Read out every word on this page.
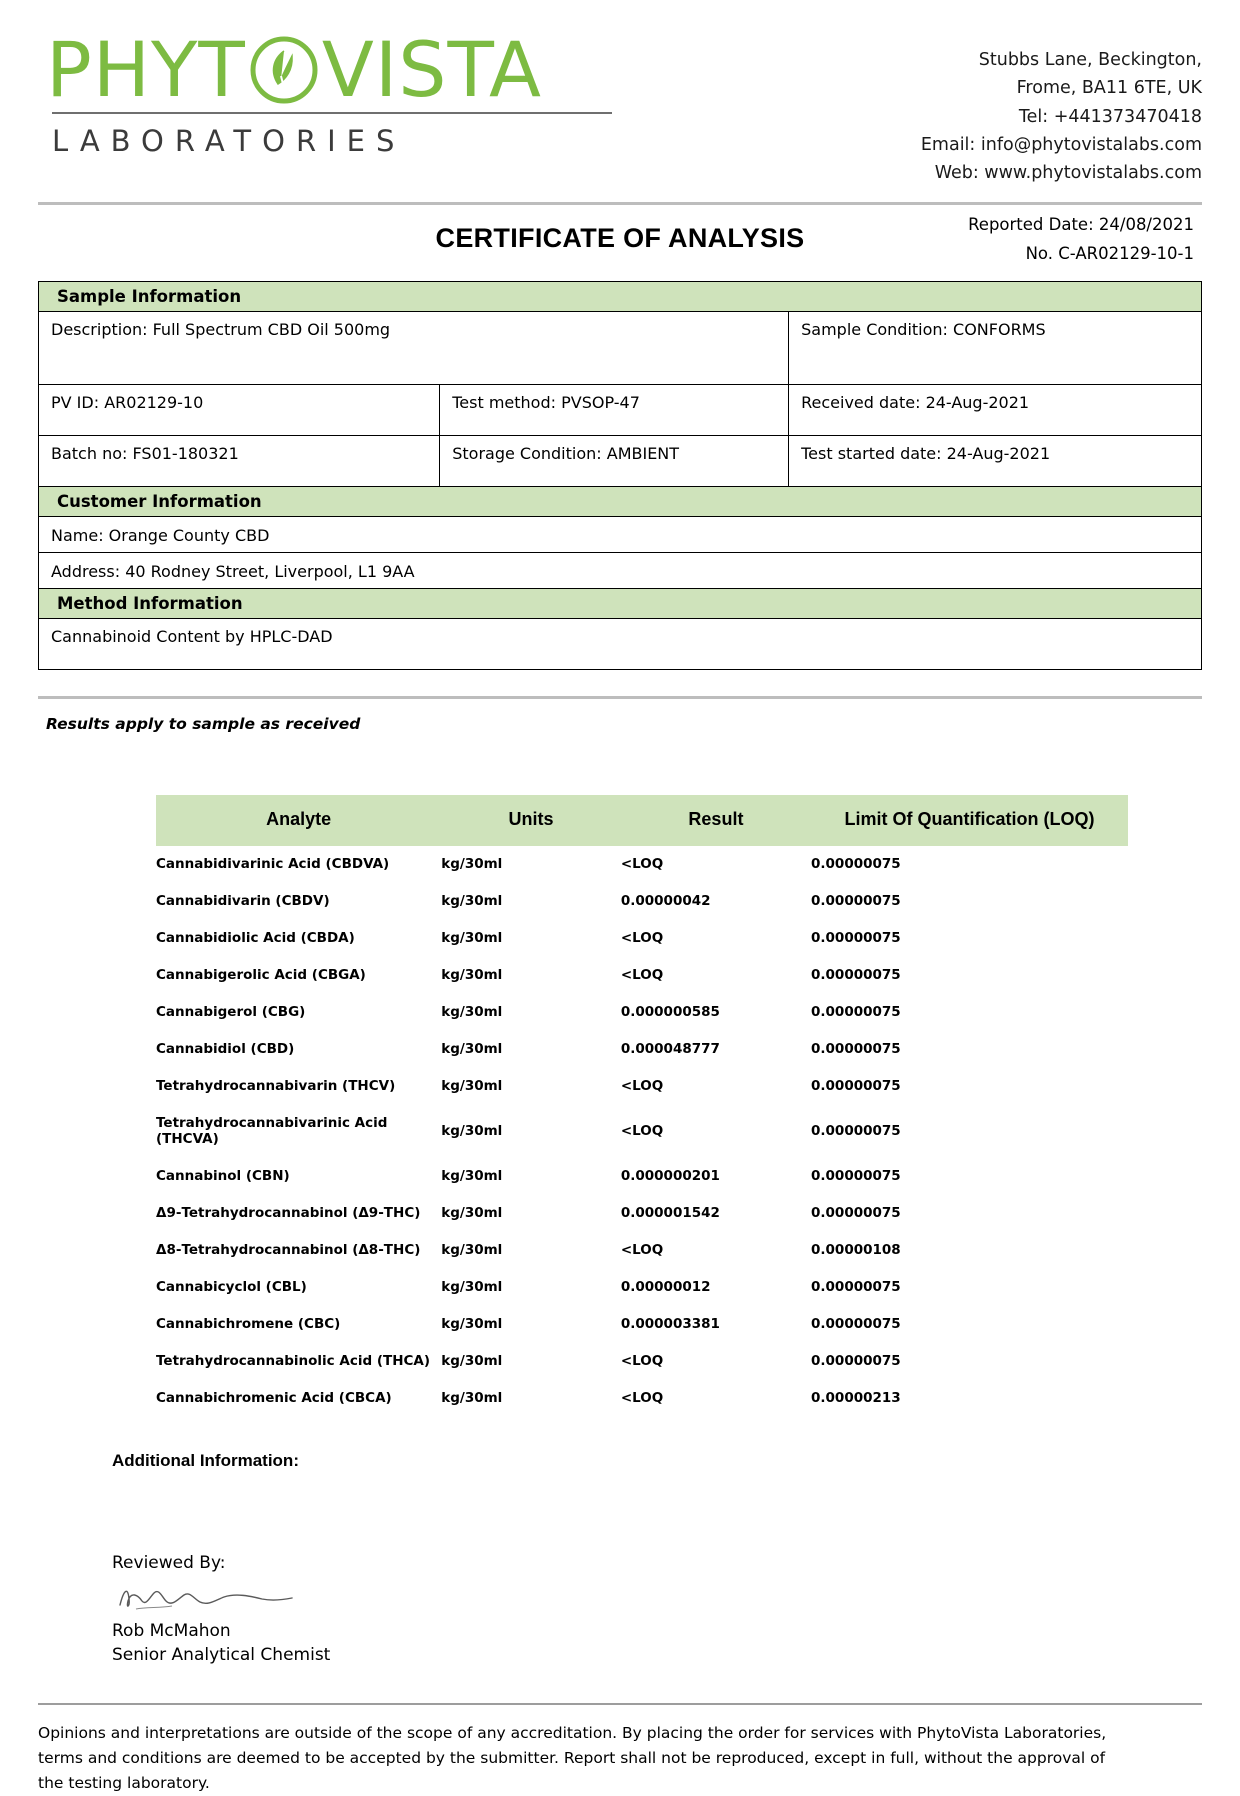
PHYT VISTA
LABORATORIES
Stubbs Lane, Beckington,
Frome, BA11 6TE, UK
Tel: +441373470418
Email: info@phytovistalabs.com
Web: www.phytovistalabs.com
CERTIFICATE OF ANALYSIS	Reported Date: 24/08/2021
No. C-AR02129-10-1
Sample Information		
Description: Full Spectrum CBD Oil 500mg		Sample Condition: CONFORMS
PV ID: AR02129-10	Test method: PVSOP-47	Received date: 24-Aug-2021
Batch no: FS01-180321	Storage Condition: AMBIENT	Test started date: 24-Aug-2021
Customer Information		
Name: Orange County CBD		
Address: 40 Rodney Street, Liverpool, L1 9AA		
Method Information		
Cannabinoid Content by HPLC-DAD		
Results apply to sample as received
Analyte	Units	Result	Limit Of Quantification (LOQ)
Cannabidivarinic Acid (CBDVA)	kg/30ml	<LOQ	0.00000075
Cannabidivarin (CBDV)	kg/30ml	0.00000042	0.00000075
Cannabidiolic Acid (CBDA)	kg/30ml	<LOQ	0.00000075
Cannabigerolic Acid (CBGA)	kg/30ml	<LOQ	0.00000075
Cannabigerol (CBG)	kg/30ml	0.000000585	0.00000075
Cannabidiol (CBD)	kg/30ml	0.000048777	0.00000075
Tetrahydrocannabivarin (THCV)	kg/30ml	<LOQ	0.00000075
Tetrahydrocannabivarinic Acid (THCVA)	kg/30ml	<LOQ	0.00000075
Cannabinol (CBN)	kg/30ml	0.000000201	0.00000075
Δ9-Tetrahydrocannabinol (Δ9-THC)	kg/30ml	0.000001542	0.00000075
Δ8-Tetrahydrocannabinol (Δ8-THC)	kg/30ml	<LOQ	0.00000108
Cannabicyclol (CBL)	kg/30ml	0.00000012	0.00000075
Cannabichromene (CBC)	kg/30ml	0.000003381	0.00000075
Tetrahydrocannabinolic Acid (THCA)	kg/30ml	<LOQ	0.00000075
Cannabichromenic Acid (CBCA)	kg/30ml	<LOQ	0.00000213
Additional Information:
Reviewed By:
Rob McMahon
Senior Analytical Chemist
Opinions and interpretations are outside of the scope of any accreditation. By placing the order for services with PhytoVista Laboratories,
terms and conditions are deemed to be accepted by the submitter. Report shall not be reproduced, except in full, without the approval of
the testing laboratory.
